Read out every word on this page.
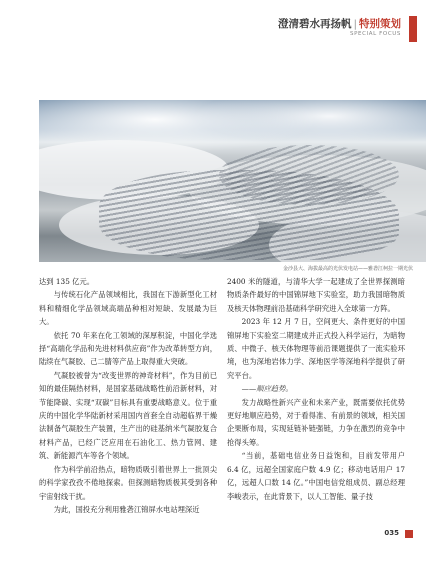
澄清碧水再扬帆 | 特别策划
SPECIAL FOCUS
金沙县大、海拔最高的光伏发电站——雅砻江柯拉一期光伏

达到 135 亿元。

与传统石化产品领域相比，我国在下游新型化工材料和精细化学品领域高端品种相对短缺、发展最为巨大。

依托 70 年来在化工领域的深厚积淀，中国化学选择“高端化学品和先进材料供应商”作为改革转型方向，陆续在气凝胶、己二腈等产品上取得重大突破。

气凝胶被誉为“改变世界的神奇材料”，作为目前已知的最佳隔热材料，是国家基础战略性前沿新材料，对节能降碳、实现“双碳”目标具有重要战略意义。位于重庆的中国化学华陆新材采用国内首套全自动超临界干燥法制备气凝胶生产装置，生产出的硅基纳米气凝胶复合材料产品，已经广泛应用在石油化工、热力管网、建筑、新能源汽车等各个领域。

作为科学前沿热点，暗物质吸引着世界上一批顶尖的科学家孜孜不倦地探索。但探测暗物质极其受到各种宇宙射线干扰。

为此，国投充分利用雅砻江锦屏水电站埋深近

2400 米的隧道，与清华大学一起建成了全世界探测暗物质条件最好的中国锦屏地下实验室，助力我国暗物质及核天体物理前沿基础科学研究进入全球第一方阵。

2023 年 12 月 7 日，空间更大、条件更好的中国锦屏地下实验室二期建成并正式投入科学运行，为暗物质、中微子、核天体物理等前沿课题提供了一流实验环境，也为深地岩体力学、深地医学等深地科学提供了研究平台。

——顺应趋势。

发力战略性新兴产业和未来产业，既需要依托优势更好地顺应趋势，对于看得准、有前景的领域，相关国企果断布局，实现延链补链强链，力争在激烈的竞争中抢得头筹。

“当前，基础电信业务日益饱和，目前发带用户 6.4 亿，远超全国家庭户数 4.9 亿；移动电话用户 17 亿，远超人口数 14 亿。”中国电信党组成员、副总经理李峻表示，在此背景下，以人工智能、量子技

035
